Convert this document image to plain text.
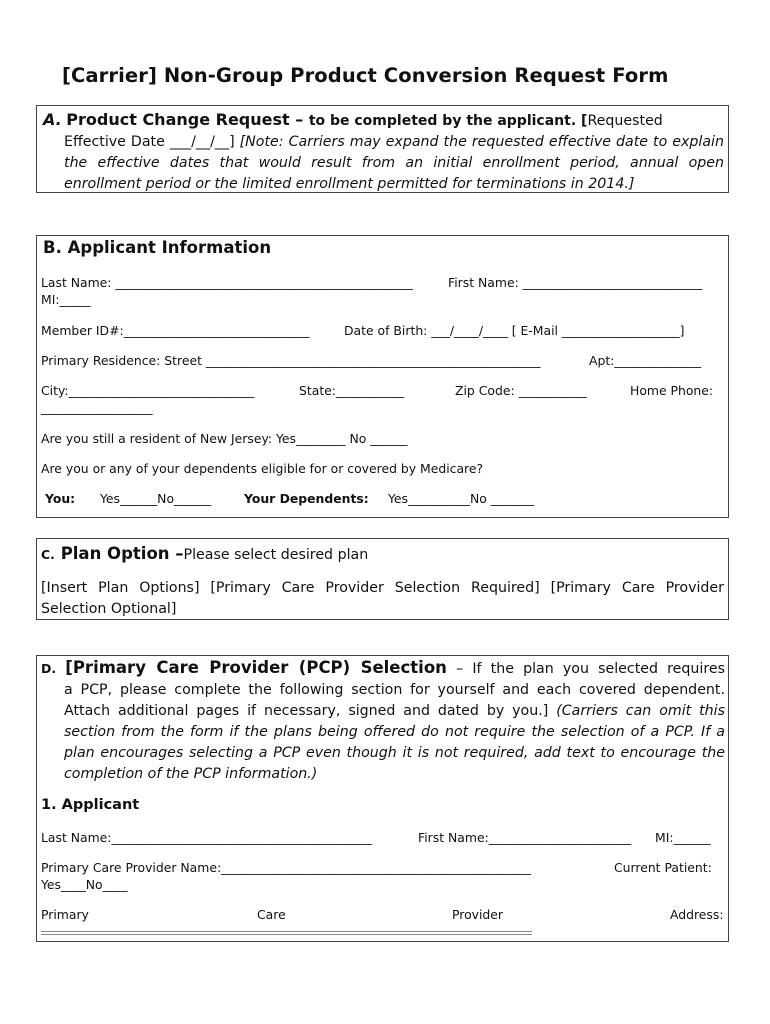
[Carrier] Non-Group Product Conversion Request Form
A. Product Change Request – to be completed by the applicant. [Requested
Effective Date ___/__/__] [Note: Carriers may expand the requested effective date to explain the effective dates that would result from an initial enrollment period, annual open enrollment period or the limited enrollment permitted for terminations in 2014.]
B. Applicant Information
Last Name: ________________________________________________	First Name: _____________________________
MI:_____
Member ID#:______________________________	Date of Birth: ___/____/____ [ E-Mail ___________________]
Primary Residence: Street ______________________________________________________	Apt:______________
City:______________________________	State:___________	Zip Code: ___________	Home Phone:
__________________
Are you still a resident of New Jersey: Yes________ No ______
Are you or any of your dependents eligible for or covered by Medicare?
You: Yes______No______	Your Dependents: Yes__________No _______
C. Plan Option –Please select desired plan
[Insert Plan Options] [Primary Care Provider Selection Required] [Primary Care Provider Selection Optional]
D. [Primary Care Provider (PCP) Selection – If the plan you selected requires
a PCP, please complete the following section for yourself and each covered dependent. Attach additional pages if necessary, signed and dated by you.] (Carriers can omit this section from the form if the plans being offered do not require the selection of a PCP. If a plan encourages selecting a PCP even though it is not required, add text to encourage the completion of the PCP information.)
1. Applicant
Last Name:__________________________________________	First Name:_______________________ MI:______
Primary Care Provider Name:__________________________________________________	Current Patient:
Yes____No____
Primary	Care	Provider	Address:
